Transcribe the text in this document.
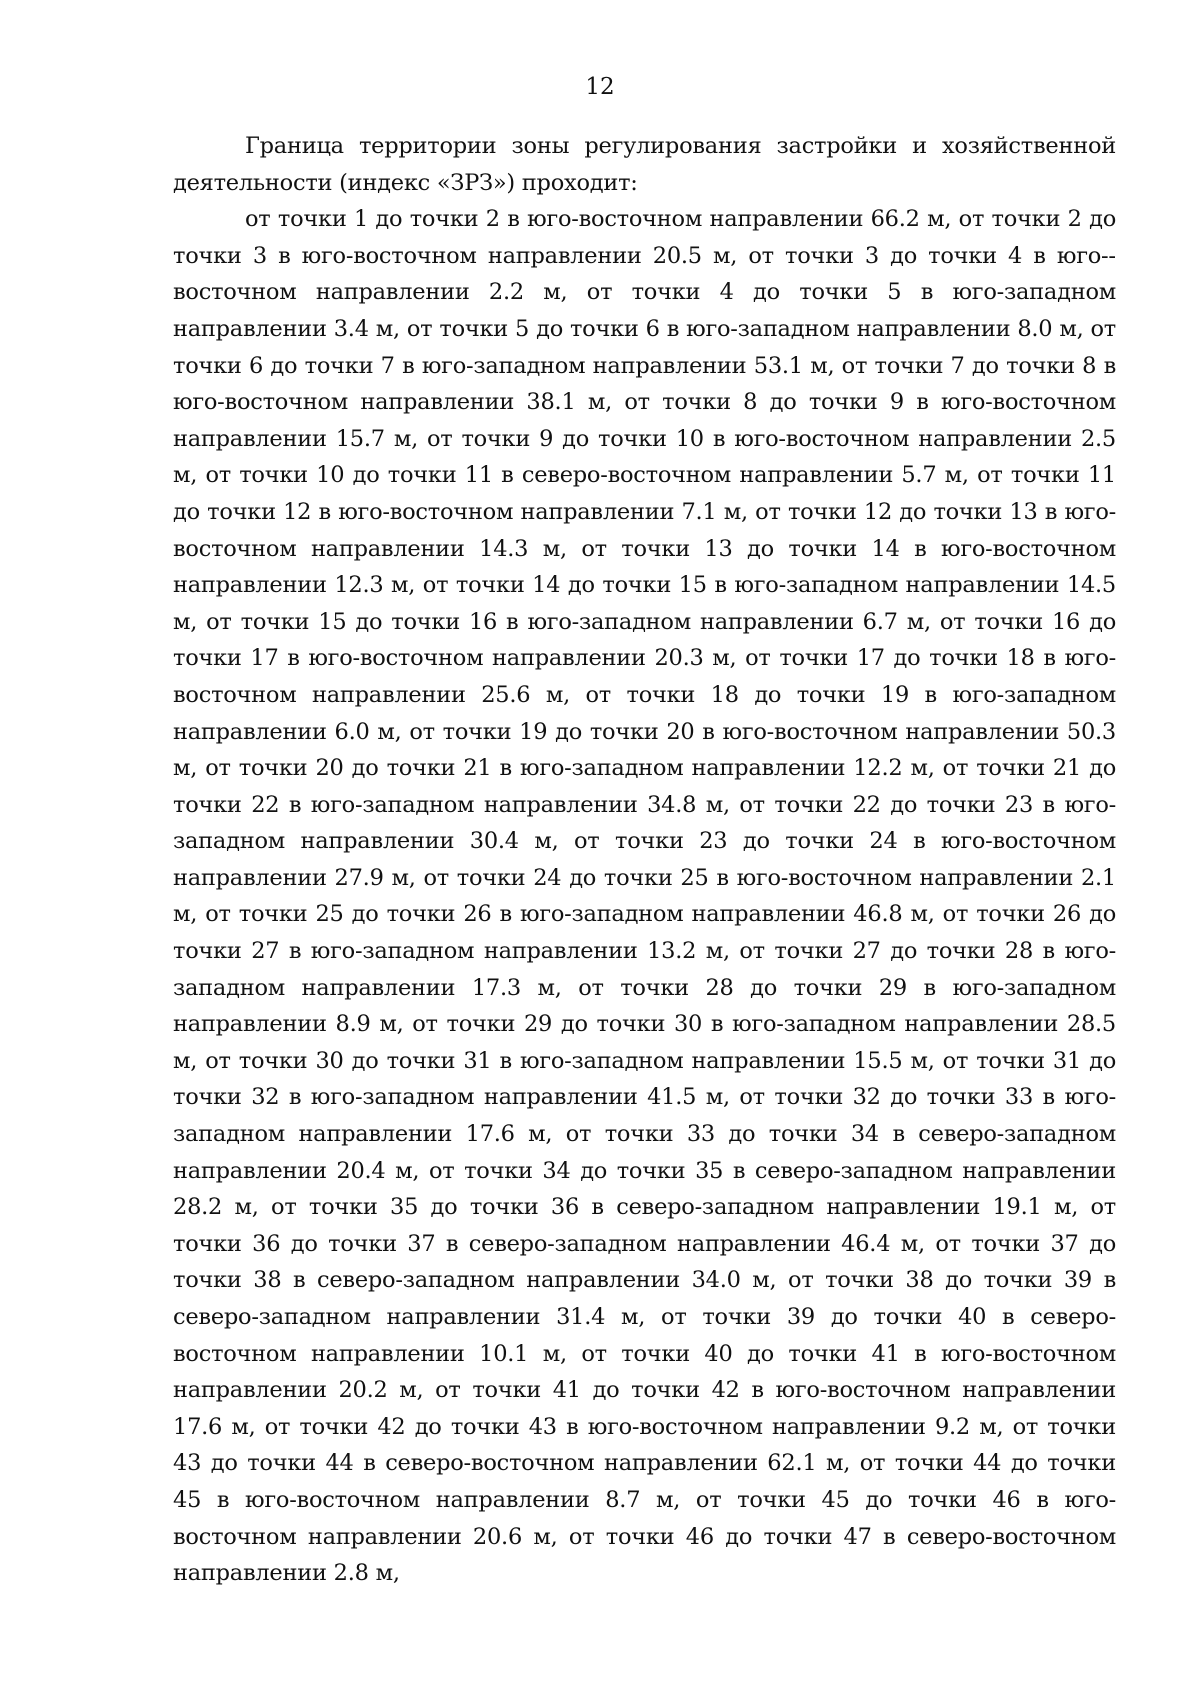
12

Граница территории зоны регулирования застройки и хозяйственной деятельности (индекс «ЗРЗ») проходит:

от точки 1 до точки 2 в юго-восточном направлении 66.2 м, от точки 2 до точки 3 в юго-восточном направлении 20.5 м, от точки 3 до точки 4 в юго-восточном направлении 2.2 м, от точки 4 до точки 5 в юго-западном направлении 3.4 м, от точки 5 до точки 6 в юго-западном направлении 8.0 м, от точки 6 до точки 7 в юго-западном направлении 53.1 м, от точки 7 до точки 8 в юго-восточном направлении 38.1 м, от точки 8 до точки 9 в юго-восточном направлении 15.7 м, от точки 9 до точки 10 в юго-восточном направлении 2.5 м, от точки 10 до точки 11 в северо-восточном направлении 5.7 м, от точки 11 до точки 12 в юго-восточном направлении 7.1 м, от точки 12 до точки 13 в юго-восточном направлении 14.3 м, от точки 13 до точки 14 в юго-восточном направлении 12.3 м, от точки 14 до точки 15 в юго-западном направлении 14.5 м, от точки 15 до точки 16 в юго-западном направлении 6.7 м, от точки 16 до точки 17 в юго-восточном направлении 20.3 м, от точки 17 до точки 18 в юго-восточном направлении 25.6 м, от точки 18 до точки 19 в юго-западном направлении 6.0 м, от точки 19 до точки 20 в юго-восточном направлении 50.3 м, от точки 20 до точки 21 в юго-западном направлении 12.2 м, от точки 21 до точки 22 в юго-западном направлении 34.8 м, от точки 22 до точки 23 в юго-западном направлении 30.4 м, от точки 23 до точки 24 в юго-восточном направлении 27.9 м, от точки 24 до точки 25 в юго-восточном направлении 2.1 м, от точки 25 до точки 26 в юго-западном направлении 46.8 м, от точки 26 до точки 27 в юго-западном направлении 13.2 м, от точки 27 до точки 28 в юго-западном направлении 17.3 м, от точки 28 до точки 29 в юго-западном направлении 8.9 м, от точки 29 до точки 30 в юго-западном направлении 28.5 м, от точки 30 до точки 31 в юго-западном направлении 15.5 м, от точки 31 до точки 32 в юго-западном направлении 41.5 м, от точки 32 до точки 33 в юго-западном направлении 17.6 м, от точки 33 до точки 34 в северо-западном направлении 20.4 м, от точки 34 до точки 35 в северо-западном направлении 28.2 м, от точки 35 до точки 36 в северо-западном направлении 19.1 м, от точки 36 до точки 37 в северо-западном направлении 46.4 м, от точки 37 до точки 38 в северо-западном направлении 34.0 м, от точки 38 до точки 39 в северо-западном направлении 31.4 м, от точки 39 до точки 40 в северо-восточном направлении 10.1 м, от точки 40 до точки 41 в юго-восточном направлении 20.2 м, от точки 41 до точки 42 в юго-восточном направлении 17.6 м, от точки 42 до точки 43 в юго-восточном направлении 9.2 м, от точки 43 до точки 44 в северо-восточном направлении 62.1 м, от точки 44 до точки 45 в юго-восточном направлении 8.7 м, от точки 45 до точки 46 в юго-восточном направлении 20.6 м, от точки 46 до точки 47 в северо-восточном направлении 2.8 м,
